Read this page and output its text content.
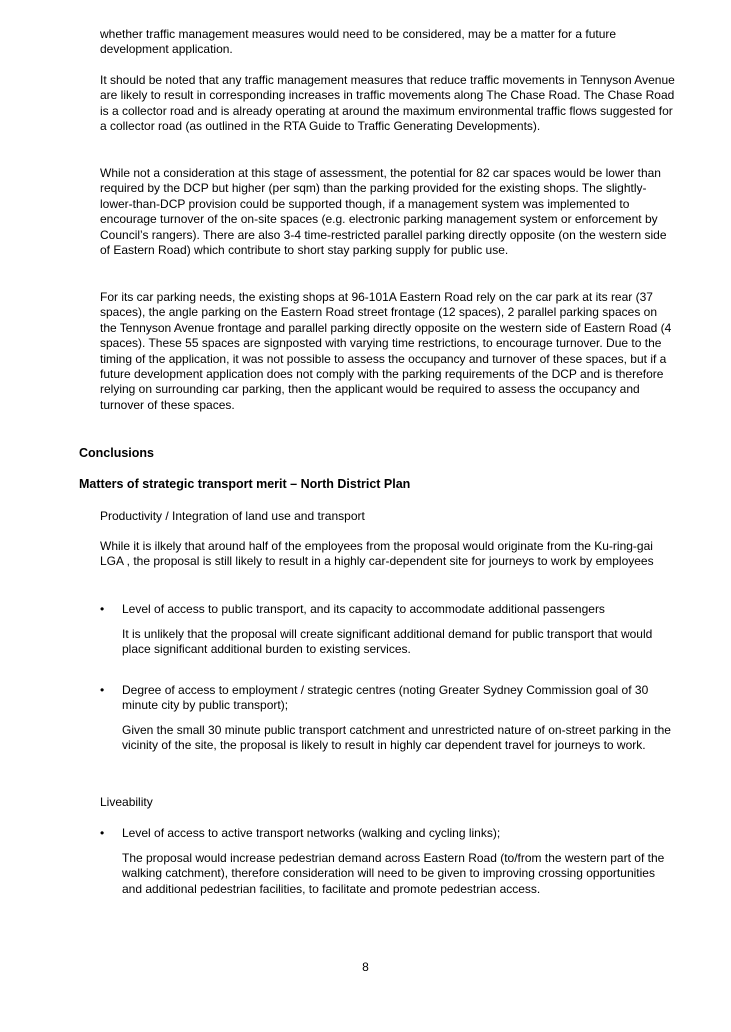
whether traffic management measures would need to be considered, may be a matter for a future development application.

It should be noted that any traffic management measures that reduce traffic movements in Tennyson Avenue are likely to result in corresponding increases in traffic movements along The Chase Road. The Chase Road is a collector road and is already operating at around the maximum environmental traffic flows suggested for a collector road (as outlined in the RTA Guide to Traffic Generating Developments).

While not a consideration at this stage of assessment, the potential for 82 car spaces would be lower than required by the DCP but higher (per sqm) than the parking provided for the existing shops. The slightly-lower-than-DCP provision could be supported though, if a management system was implemented to encourage turnover of the on-site spaces (e.g. electronic parking management system or enforcement by Council’s rangers). There are also 3-4 time-restricted parallel parking directly opposite (on the western side of Eastern Road) which contribute to short stay parking supply for public use.

For its car parking needs, the existing shops at 96-101A Eastern Road rely on the car park at its rear (37 spaces), the angle parking on the Eastern Road street frontage (12 spaces), 2 parallel parking spaces on the Tennyson Avenue frontage and parallel parking directly opposite on the western side of Eastern Road (4 spaces). These 55 spaces are signposted with varying time restrictions, to encourage turnover. Due to the timing of the application, it was not possible to assess the occupancy and turnover of these spaces, but if a future development application does not comply with the parking requirements of the DCP and is therefore relying on surrounding car parking, then the applicant would be required to assess the occupancy and turnover of these spaces.

Conclusions

Matters of strategic transport merit – North District Plan

Productivity / Integration of land use and transport

While it is ilkely that around half of the employees from the proposal would originate from the Ku-ring-gai LGA , the proposal is still likely to result in a highly car-dependent site for journeys to work by employees

• Level of access to public transport, and its capacity to accommodate additional passengers

It is unlikely that the proposal will create significant additional demand for public transport that would place significant additional burden to existing services.

• Degree of access to employment / strategic centres (noting Greater Sydney Commission goal of 30 minute city by public transport);

Given the small 30 minute public transport catchment and unrestricted nature of on-street parking in the vicinity of the site, the proposal is likely to result in highly car dependent travel for journeys to work.

Liveability

• Level of access to active transport networks (walking and cycling links);

The proposal would increase pedestrian demand across Eastern Road (to/from the western part of the walking catchment), therefore consideration will need to be given to improving crossing opportunities and additional pedestrian facilities, to facilitate and promote pedestrian access.

8
